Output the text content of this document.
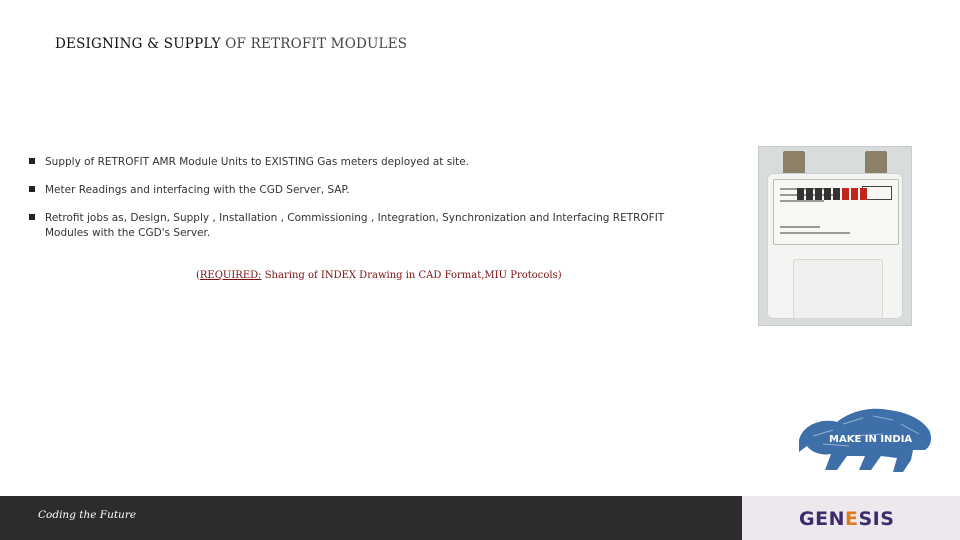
DESIGNING & SUPPLY OF RETROFIT MODULES
Supply of RETROFIT AMR Module Units to EXISTING Gas meters deployed at site.
Meter Readings and interfacing with the CGD Server, SAP.
Retrofit jobs as, Design, Supply , Installation , Commissioning , Integration, Synchronization and Interfacing RETROFIT Modules with the CGD's Server.
(REQUIRED: Sharing of INDEX Drawing in CAD Format,MIU Protocols)
MAKE IN INDIA
Coding the Future	GENESIS
